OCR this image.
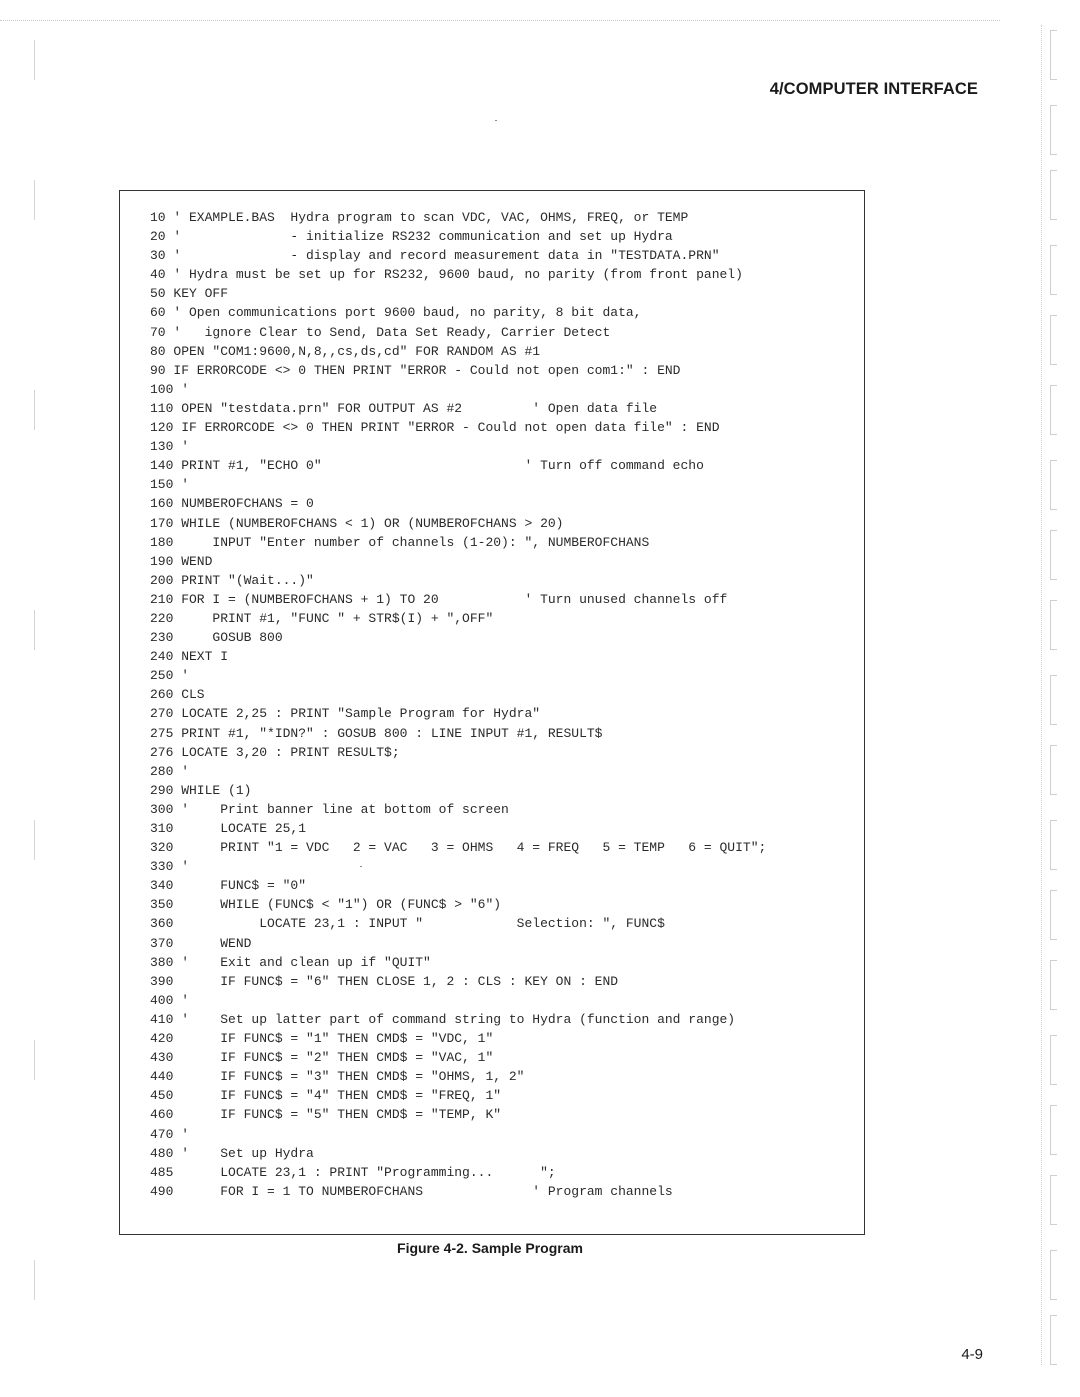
4/COMPUTER INTERFACE
10 ' EXAMPLE.BAS  Hydra program to scan VDC, VAC, OHMS, FREQ, or TEMP
20 '              - initialize RS232 communication and set up Hydra
30 '              - display and record measurement data in "TESTDATA.PRN"
40 ' Hydra must be set up for RS232, 9600 baud, no parity (from front panel)
50 KEY OFF
60 ' Open communications port 9600 baud, no parity, 8 bit data,
70 '   ignore Clear to Send, Data Set Ready, Carrier Detect
80 OPEN "COM1:9600,N,8,,cs,ds,cd" FOR RANDOM AS #1
90 IF ERRORCODE <> 0 THEN PRINT "ERROR - Could not open com1:" : END
100 '
110 OPEN "testdata.prn" FOR OUTPUT AS #2         ' Open data file
120 IF ERRORCODE <> 0 THEN PRINT "ERROR - Could not open data file" : END
130 '
140 PRINT #1, "ECHO 0"                          ' Turn off command echo
150 '
160 NUMBEROFCHANS = 0
170 WHILE (NUMBEROFCHANS < 1) OR (NUMBEROFCHANS > 20)
180     INPUT "Enter number of channels (1-20): ", NUMBEROFCHANS
190 WEND
200 PRINT "(Wait...)"
210 FOR I = (NUMBEROFCHANS + 1) TO 20           ' Turn unused channels off
220     PRINT #1, "FUNC " + STR$(I) + ",OFF"
230     GOSUB 800
240 NEXT I
250 '
260 CLS
270 LOCATE 2,25 : PRINT "Sample Program for Hydra"
275 PRINT #1, "*IDN?" : GOSUB 800 : LINE INPUT #1, RESULT$
276 LOCATE 3,20 : PRINT RESULT$;
280 '
290 WHILE (1)
300 '    Print banner line at bottom of screen
310      LOCATE 25,1
320      PRINT "1 = VDC   2 = VAC   3 = OHMS   4 = FREQ   5 = TEMP   6 = QUIT";
330 '
340      FUNC$ = "0"
350      WHILE (FUNC$ < "1") OR (FUNC$ > "6")
360           LOCATE 23,1 : INPUT "            Selection: ", FUNC$
370      WEND
380 '    Exit and clean up if "QUIT"
390      IF FUNC$ = "6" THEN CLOSE 1, 2 : CLS : KEY ON : END
400 '
410 '    Set up latter part of command string to Hydra (function and range)
420      IF FUNC$ = "1" THEN CMD$ = "VDC, 1"
430      IF FUNC$ = "2" THEN CMD$ = "VAC, 1"
440      IF FUNC$ = "3" THEN CMD$ = "OHMS, 1, 2"
450      IF FUNC$ = "4" THEN CMD$ = "FREQ, 1"
460      IF FUNC$ = "5" THEN CMD$ = "TEMP, K"
470 '
480 '    Set up Hydra
485      LOCATE 23,1 : PRINT "Programming...      ";
490      FOR I = 1 TO NUMBEROFCHANS              ' Program channels
Figure 4-2. Sample Program
4-9
